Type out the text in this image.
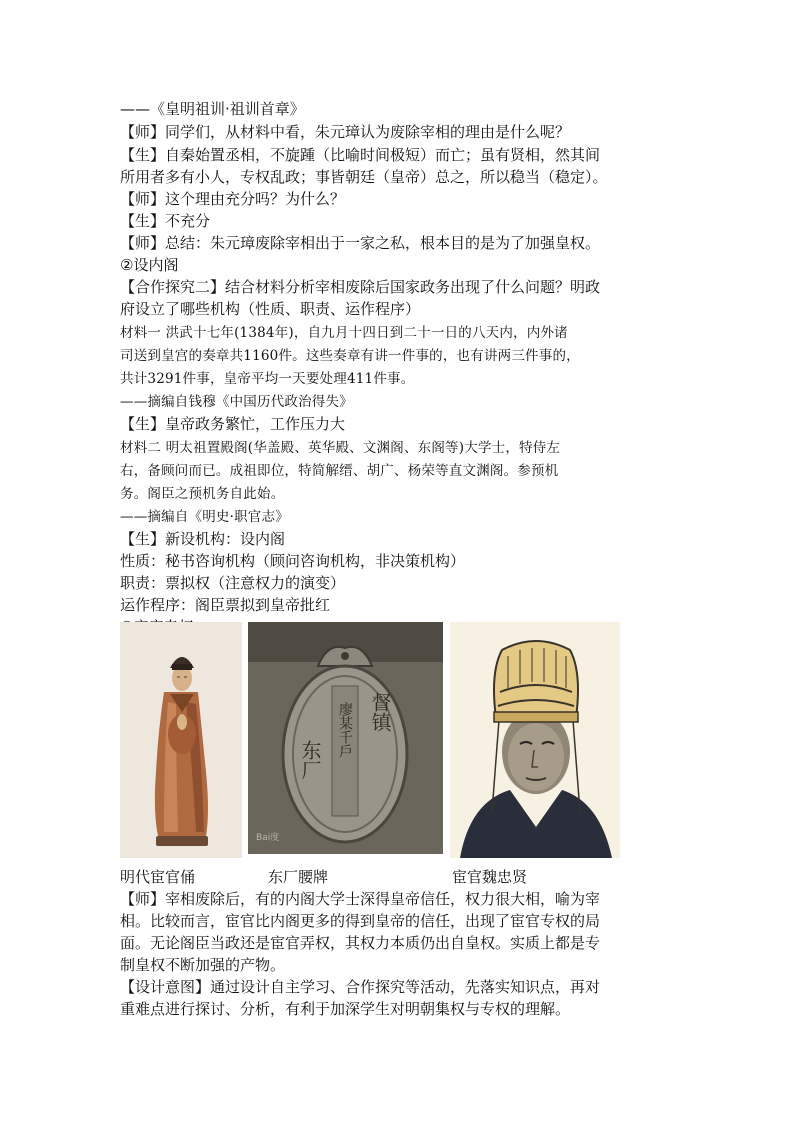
——《皇明祖训·祖训首章》
【师】同学们，从材料中看，朱元璋认为废除宰相的理由是什么呢？
【生】自秦始置丞相，不旋踵（比喻时间极短）而亡；虽有贤相，然其间
所用者多有小人，专权乱政；事皆朝廷（皇帝）总之，所以稳当（稳定）。
【师】这个理由充分吗？为什么？
【生】不充分
【师】总结：朱元璋废除宰相出于一家之私，根本目的是为了加强皇权。
②设内阁
【合作探究二】结合材料分析宰相废除后国家政务出现了什么问题？明政
府设立了哪些机构（性质、职责、运作程序）
材料一 洪武十七年(1384年)，自九月十四日到二十一日的八天内，内外诸
司送到皇宫的奏章共1160件。这些奏章有讲一件事的，也有讲两三件事的，
共计3291件事，皇帝平均一天要处理411件事。
——摘编自钱穆《中国历代政治得失》
【生】皇帝政务繁忙，工作压力大
材料二 明太祖置殿阁(华盖殿、英华殿、文渊阁、东阁等)大学士，特侍左
右，备顾问而已。成祖即位，特简解缙、胡广、杨荣等直文渊阁。参预机
务。阁臣之预机务自此始。
——摘编自《明史·职官志》
【生】新设机构：设内阁
性质：秘书咨询机构（顾问咨询机构，非决策机构）
职责：票拟权（注意权力的演变）
运作程序：阁臣票拟到皇帝批红
东厂
督镇
廖某千戶
Bai度
明代宦官俑	东厂腰牌	宦官魏忠贤
【师】宰相废除后，有的内阁大学士深得皇帝信任，权力很大相，喻为宰
相。比较而言，宦官比内阁更多的得到皇帝的信任，出现了宦官专权的局
面。无论阁臣当政还是宦官弄权，其权力本质仍出自皇权。实质上都是专
制皇权不断加强的产物。
【设计意图】通过设计自主学习、合作探究等活动，先落实知识点，再对
重难点进行探讨、分析，有利于加深学生对明朝集权与专权的理解。
